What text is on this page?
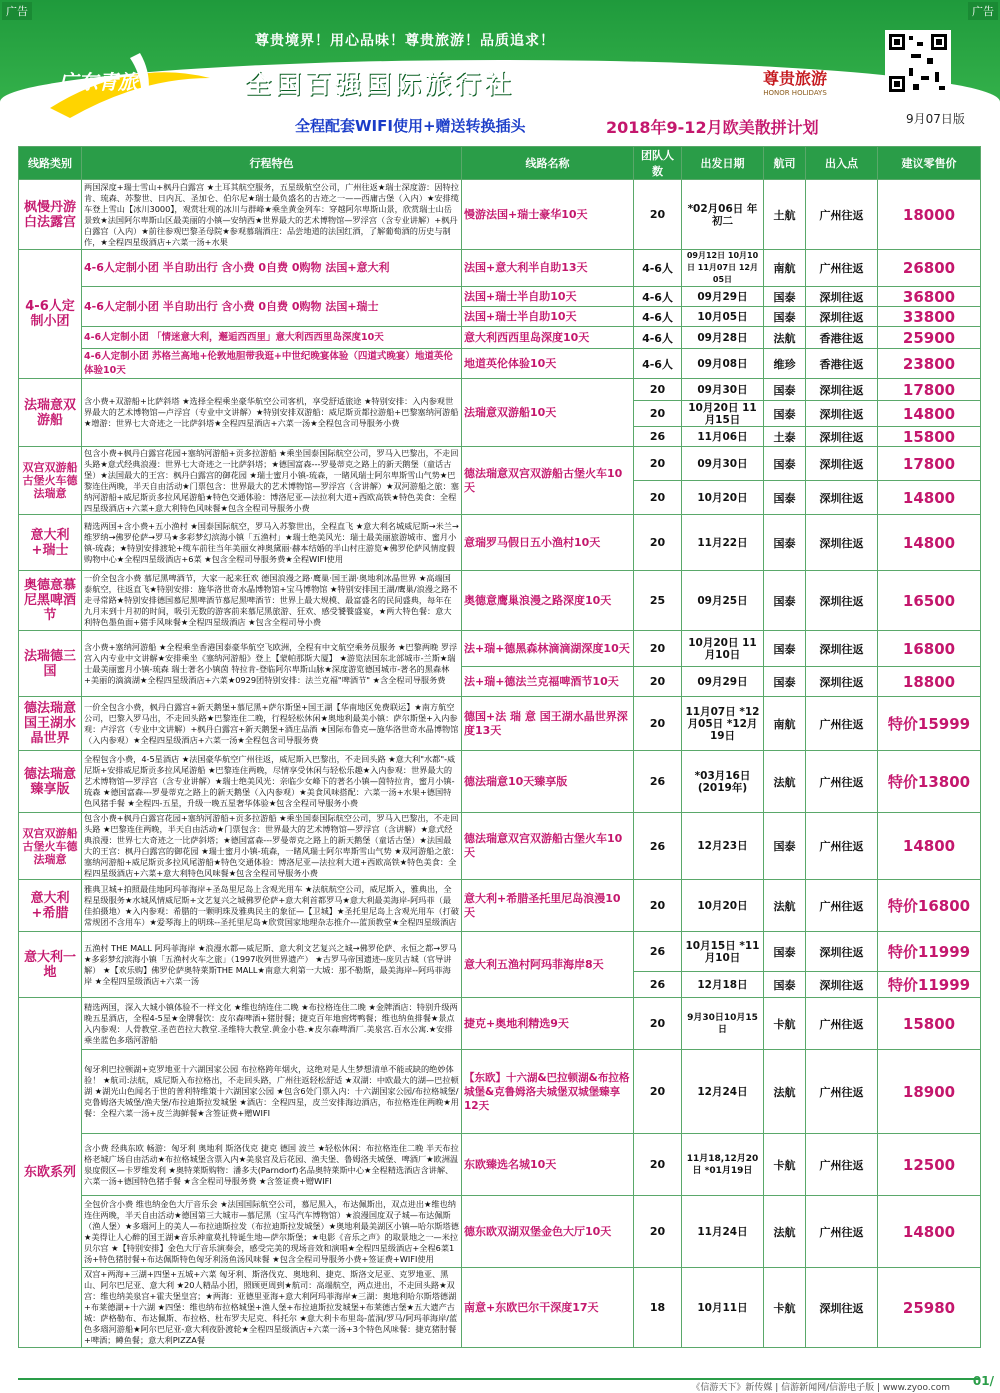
广告	广告
广东青旅
尊贵境界！用心品味！尊贵旅游！品质追求！
全国百强国际旅行社	尊贵旅游
HONOR HOLIDAYS
全程配套WIFI使用+赠送转换插头	2018年9-12月欧美散拼计划	9月07日版
线路类别	行程特色	线路名称	团队人数	出发日期	航司	出入点	建议零售价
枫慢丹游白法露宫	两国深度+瑞士雪山+枫丹白露宫 ★土耳其航空服务，五星级航空公司，广州往返★瑞士深度游：因特拉肯、琉森、苏黎世、日内瓦、圣加仑、伯尔尼★瑞士最负盛名的古迹之一——西庸古堡（入内）★安排缆车登上雪山【冰川3000】，观赏壮观的冰川与群峰★乘坐黄金列车：穿越阿尔卑斯山景，欣赏瑞士山岳景致★法国阿尔卑斯山区最美丽的小镇—安纳西★世界最大的艺术博物馆—罗浮宫（含专业讲解）+枫丹白露宫（入内）★前往参观巴黎圣母院★参观慕瑞酒庄：品尝地道的法国红酒，了解葡萄酒的历史与制作，★全程四星级酒店+六菜一汤+水果	慢游法国+瑞士豪华10天	20	*02月06日 年初二	土航	广州往返	18000
4-6人定制小团	4-6人定制小团 半自助出行 含小费 0自费 0购物 法国+意大利	法国+意大利半自助13天	4-6人	09月12日 10月10日 11月07日 12月05日	南航	广州往返	26800
	4-6人定制小团 半自助出行 含小费 0自费 0购物 法国+瑞士	法国+瑞士半自助10天	4-6人	09月29日	国泰	深圳往返	36800
		法国+瑞士半自助10天	4-6人	10月05日	国泰	深圳往返	33800
	4-6人定制小团 「情迷意大利，邂逅西西里」意大利西西里岛深度10天	意大利西西里岛深度10天	4-6人	09月28日	法航	香港往返	25900
	4-6人定制小团 苏格兰高地+伦敦地胆带我逛+中世纪晚宴体验（四道式晚宴）地道英伦体验10天	地道英伦体验10天	4-6人	09月08日	维珍	香港往返	23800
法瑞意双游船	含小费+双游船+比萨斜塔 ★选择全程乘坐豪华航空公司客机，享受舒适旅途 ★特别安排：入内参观世界最大的艺术博物馆—卢浮宫（专业中文讲解）★特别安排双游船：威尼斯贡都拉游船+巴黎塞纳河游船 ★增游：世界七大奇迹之一比萨斜塔★全程四星酒店+六菜一汤★全程包含司导服务小费	法瑞意双游船10天	20	09月30日	国泰	深圳往返	17800
			20	10月20日 11月15日	国泰	深圳往返	14800
			26	11月06日	土泰	深圳往返	15800
双宫双游船古堡火车德法瑞意	包含小费+枫丹白露宫花园+塞纳河游船+贡多拉游船 ★乘坐国泰国际航空公司，罗马入巴黎出，不走回头路★意式经典浪漫：世界七大奇迹之一比萨斜塔；★德国富森---罗曼蒂克之路上的新天鹅堡（童话古堡）★法国最大的王宫：枫丹白露宫的御花园 ★瑞士蜜月小镇-琉森，一睹风瑞士阿尔卑斯雪山气势★巴黎连住两晚，半天自由活动★门票包含：世界最大的艺术博物馆—罗浮宫（含讲解）★双河游船之旅：塞纳河游船+威尼斯贡多拉风尾游船★特色交通体验：博洛尼亚—法拉利大道+西欧高铁★特色美食：全程四星级酒店+六菜+意大利特色风味餐★包含全程司导服务小费	德法瑞意双宫双游船古堡火车10天	20	09月30日	国泰	深圳往返	17800
			20	10月20日	国泰	深圳往返	14800
意大利+瑞士	精选两国+含小费+五小渔村 ★国泰国际航空，罗马入苏黎世出，全程直飞 ★意大利名城威尼斯→米兰→维罗纳→佛罗伦萨→罗马★多彩梦幻滨海小镇「五渔村」★瑞士绝美风光：瑞士最美丽旅游城市、蜜月小镇-琉森；★特别安排渡轮+缆车前往当年美丽女神奥黛丽·赫本结婚的半山村庄游览★佛罗伦萨风情度假购物中心★全程四星级酒店+6菜 ★包含全程司导服务费★全程WIFI使用	意瑞罗马假日五小渔村10天	20	11月22日	国泰	深圳往返	14800
奥德意慕尼黑啤酒节	一价全包含小费 慕尼黑啤酒节，大家一起来狂欢 德国浪漫之路·鹰巢·国王湖·奥地利冰晶世界 ★高端国泰航空，往返直飞★特别安排：施华洛世奇水晶博物馆+宝马博物馆 ★特别安排国王湖/鹰巢/浪漫之路不走寻常路★特别安排德国慕尼黑啤酒节慕尼黑啤酒节：世界上最大规模、最富盛名的民间盛典，每年在九月末到十月初的时间，吸引无数的游客前来慕尼黑旅游、狂欢、感受饕餮盛宴，★两大特色餐：意大利特色墨鱼面+猪手风味餐★全程四星级酒店 ★包含全程司导小费	奥德意鹰巢浪漫之路深度10天	25	09月25日	国泰	深圳往返	16500
法瑞德三国	含小费+塞纳河游船 ★全程乘坐香港国泰豪华航空飞欧洲，全程有中文航空乘务员服务 ★巴黎两晚 罗浮宫入内专业中文讲解★安排乘坐《塞纳河游船》登上【蒙帕那斯大厦】 ★游览法国东北部城市-兰斯★瑞士最美丽蜜月小镇-琉森 瑞士著名小镇茵 特拉肯-登临阿尔卑斯山脉★深度游览德国城市-著名的黑森林+美丽的滴滴湖★全程四星级酒店+六菜★0929团特别安排：法兰克福"啤酒节" ★含全程司导服务费	法+瑞+德黑森林滴滴湖深度10天	20	10月20日 11月10日	国泰	深圳往返	16800
		法+瑞+德法兰克福啤酒节10天	20	09月29日	国泰	深圳往返	18800
德法瑞意国王湖水晶世界	一价全包含小费，枫丹白露宫+新天鹅堡+慕尼黑+萨尔斯堡+国王湖【华南地区免费联运】★南方航空公司，巴黎入罗马出，不走回头路★巴黎连住二晚，行程轻松休闲★奥地利最美小镇：萨尔斯堡+入内参观：卢浮宫（专业中文讲解）+枫丹白露宫+新天鹅堡+酒庄品酒 ★国际布鲁克—施华洛世奇水晶博物馆（入内参观）★全程四星级酒店+六菜一汤★全程包含司导服务费	德国+法 瑞 意 国王湖水晶世界深度13天	20	11月07日 *12月05日 *12月19日	南航	广州往返	特价15999
德法瑞意臻享版	全程包含小费，4-5星酒店 ★法国豪华航空广州往返，威尼斯入巴黎出，不走回头路 ★意大利"水都"-威尼斯+安排威尼斯贡多拉风尾游船 ★巴黎连住两晚，尽情享受休闲与轻松乐趣★入内参观：世界最大的艺术博物馆—罗浮宫（含专业讲解）★瑞士绝美风光：亲临少女峰下的著名小镇—茵特拉肯，蜜月小镇-琉森 ★德国富森---罗曼蒂克之路上的新天鹅堡（入内参观）★美食风味搭配：六菜一汤+水果+德国特色风猪手餐 ★全程四-五星，升级一晚五星奢华体验★包含全程司导服务小费	德法瑞意10天臻享版	26	*03月16日 (2019年)	法航	广州往返	特价13800
双宫双游船古堡火车德法瑞意	包含小费+枫丹白露宫花园+塞纳河游船+贡多拉游船 ★乘坐国泰国际航空公司，罗马入巴黎出，不走回头路 ★巴黎连住两晚，半天自由活动★门票包含：世界最大的艺术博物馆—罗浮宫（含讲解）★意式经典浪漫：世界七大奇迹之一比萨斜塔；★德国富森---罗曼蒂克之路上的新天鹅堡（童话古堡）★法国最大的王宫：枫丹白露宫的御花园 ★瑞士蜜月小镇-琉森，一睹风瑞士阿尔卑斯雪山气势 ★双河游船之旅：塞纳河游船+威尼斯贡多拉风尾游船★特色交通体验：博洛尼亚—法拉利大道+西欧高铁★特色美食：全程四星级酒店+六菜+意大利特色风味餐★包含全程司导服务小费	德法瑞意双宫双游船古堡火车10天	26	12月23日	国泰	广州往返	14800
意大利+希腊	雅典卫城+拍照最佳地阿玛菲海岸+圣岛里尼岛上含观光用车 ★法航航空公司，威尼斯入，雅典出，全程星级服务★水城风情威尼斯+文艺复兴之城佛罗伦萨+意大利首都罗马★意大利最美海岸-阿玛菲（最佳拍摄地）★入内参观：希腊的一颗明珠及雅典民主的象征—【卫城】★圣托里尼岛上含观光用车（打破常规团不含用车）★爱琴海上的明珠--圣托里尼岛★欣赏国家地理杂志推介---蓝顶教堂★全程四星级酒店	意大利+希腊圣托里尼岛浪漫10天	20	10月20日	法航	广州往返	特价16800
意大利一地	五渔村 THE MALL 阿玛菲海岸 ★浪漫水都—威尼斯、意大利文艺复兴之城→佛罗伦萨、永恒之都→罗马 ★多彩梦幻滨海小镇「五渔村火车之旅」（1997收列世界遗产） ★古罗马帝国遗迹--庞贝古城（官导讲解） ★【欢乐购】佛罗伦萨奥特莱斯THE MALL★南意大利第一大城：那不勒斯，最美海岸--阿玛菲海岸 ★全程四星级酒店+六菜一汤	意大利五渔村阿玛菲海岸8天	26	10月15日 *11月10日	国泰	深圳往返	特价11999
			26	12月18日	国泰	深圳往返	特价11999
东欧系列	精选两国，深入大城小镇体验不一样文化 ★维也纳连住二晚 ★布拉格连住二晚 ★金牌酒店：特别升级两晚五星酒店，全程4-5星★金牌餐饮：皮尔森啤酒+猪肘餐；捷克百年地窖烤鸭餐；维也纳鱼排餐★景点入内参观：人骨教堂.圣芭芭拉大教堂.圣维特大教堂.黄金小巷.★皮尔森啤酒厂.美泉宫.百水公寓.★安排乘坐蓝色多瑙河游船	捷克+奥地利精选9天	20	9月30日10月15日	卡航	广州往返	15800
	匈牙利巴拉顿湖+克罗地亚十六湖国家公园 布拉格跨年烟火，这绝对是人生梦想清单不能或缺的绝妙体验！ ★航司:法航，威尼斯入布拉格出，不走回头路，广州往返轻松舒适 ★双湖：中欧最大的湖—巴拉顿湖 ★湖光山色闻名于世的普利特维策十六湖国家公园 ★包含6处门票入内：十六湖国家公园/布拉格城堡/克鲁姆洛夫城堡/渔夫堡/布拉迪斯拉发城堡 ★酒店：全程四星，皮兰安排海边酒店，布拉格连住两晚★用餐：全程六菜一汤+皮兰海鲜餐★含签证费+赠WIFI	【东欧】十六湖&巴拉顿湖&布拉格城堡&克鲁姆洛夫城堡双城堡臻享12天	20	12月24日	法航	广州往返	18900
	含小费 经典东欧 畅游：匈牙利 奥地利 斯洛伐克 捷克 德国 波兰 ★轻松休闲：布拉格连住二晚 半天布拉格老城广场自由活动★布拉格城堡含票入内★美泉宫及后花园、渔夫堡、鲁姆洛夫城堡、啤酒厂★欧洲温泉度假区—卡罗维发利 ★奥特莱斯购物：潘多夫(Parndorf)名品奥特莱斯中心★全程精选酒店含讲解、六菜一汤+德国特色猪手餐 ★含全程司导服务费 ★含签证费+赠WIFI	东欧臻选名城10天	20	11月18,12月20日 *01月19日	卡航	广州往返	12500
	全包价含小费 维也纳金色大厅音乐会 ★法国国际航空公司，慕尼黑入，布达佩斯出，双点进出★维也纳连住两晚，半天自由活动★德国第三大城市—慕尼黑（宝马汽车博物馆）★浪漫国度双子城—布达佩斯（渔人堡）★多瑙河上的美人—布拉迪斯拉发（布拉迪斯拉发城堡）★奥地利最美湖区小镇—哈尔斯塔德 ★美得让人心醉的国王湖★音乐神童莫扎特诞生地—萨尔斯堡；★电影《音乐之声》的取景地之一—米拉贝尔宫 ★【特别安排】金色大厅音乐演奏会，感受完美的现场音效和演唱★全程四星级酒店+全程6菜1汤+特色猪肘餐+布达佩斯特色匈牙利汤鱼汤风味餐 ★包含全程司导服务小费+签证费+WIFI使用	德东欧双湖双堡金色大厅10天	20	11月24日	法航	广州往返	14800
	双宫+两海+三湖+四堡+五城+六菜 匈牙利、斯洛伐克、奥地利、捷克、斯洛文尼亚、克罗地亚、黑山、阿尔巴尼亚、意大利 ★20人精品小团，照顾更周到★航司：高端航空，两点进出，不走回头路★双宫：维也纳美泉宫+霍夫堡皇宫；★两海：亚德里亚海+意大利阿玛菲海岸★三湖：奥地利哈尔斯塔德湖+布莱德湖+十六湖 ★四堡：维也纳布拉格城堡+渔人堡+布拉迪斯拉发城堡+布莱德古堡★五大遗产古城：萨格勒布、布达佩斯、布拉格、杜布罗夫尼克、科托尔 ★意大利卡布里岛-蓝洞/罗马/阿玛菲海岸/蓝色多瑙河游船★阿尔巴尼亚-意大利夜卧渡轮★全程四星级酒店+六菜一汤+3个特色风味餐：捷克猪肘餐+啤酒；鳟鱼餐；意大利PIZZA餐	南意+东欧巴尔干深度17天	18	10月11日	卡航	深圳往返	25980
《信游天下》新传媒 | 信游新闻网/信游电子版 | www.zyoo.com	01/
